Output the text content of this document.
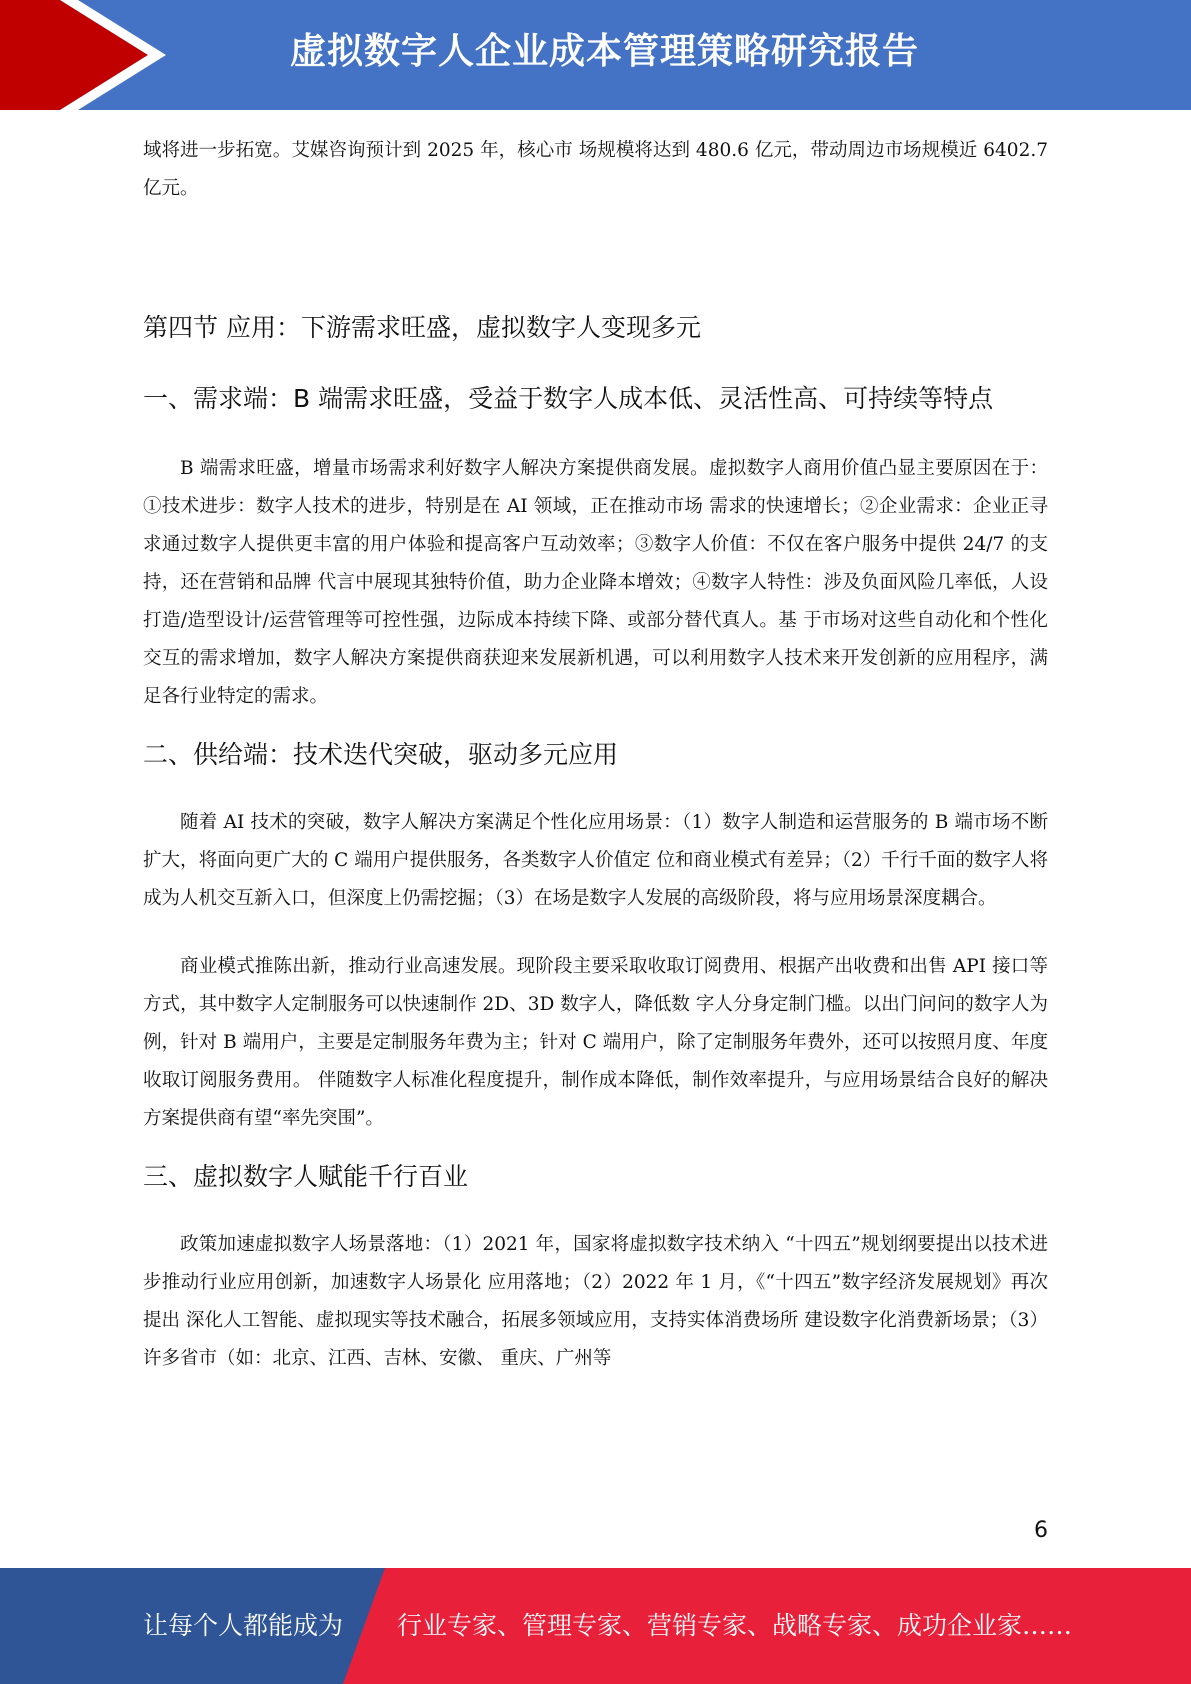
虚拟数字人企业成本管理策略研究报告

域将进一步拓宽。艾媒咨询预计到 2025 年，核心市 场规模将达到 480.6 亿元，带动周边市场规模近 6402.7 亿元。

第四节 应用：下游需求旺盛，虚拟数字人变现多元
一、需求端：B 端需求旺盛，受益于数字人成本低、灵活性高、可持续等特点

B 端需求旺盛，增量市场需求利好数字人解决方案提供商发展。虚拟数字人商用价值凸显主要原因在于：①技术进步：数字人技术的进步，特别是在 AI 领域，正在推动市场 需求的快速增长；②企业需求：企业正寻求通过数字人提供更丰富的用户体验和提高客户互动效率；③数字人价值：不仅在客户服务中提供 24/7 的支持，还在营销和品牌 代言中展现其独特价值，助力企业降本增效；④数字人特性：涉及负面风险几率低，人设打造/造型设计/运营管理等可控性强，边际成本持续下降、或部分替代真人。基 于市场对这些自动化和个性化交互的需求增加，数字人解决方案提供商获迎来发展新机遇，可以利用数字人技术来开发创新的应用程序，满足各行业特定的需求。

二、供给端：技术迭代突破，驱动多元应用

随着 AI 技术的突破，数字人解决方案满足个性化应用场景：（1）数字人制造和运营服务的 B 端市场不断扩大，将面向更广大的 C 端用户提供服务，各类数字人价值定 位和商业模式有差异；（2）千行千面的数字人将成为人机交互新入口，但深度上仍需挖掘；（3）在场是数字人发展的高级阶段，将与应用场景深度耦合。

商业模式推陈出新，推动行业高速发展。现阶段主要采取收取订阅费用、根据产出收费和出售 API 接口等方式，其中数字人定制服务可以快速制作 2D、3D 数字人，降低数 字人分身定制门槛。以出门问问的数字人为例，针对 B 端用户，主要是定制服务年费为主；针对 C 端用户，除了定制服务年费外，还可以按照月度、年度收取订阅服务费用。 伴随数字人标准化程度提升，制作成本降低，制作效率提升，与应用场景结合良好的解决方案提供商有望“率先突围”。

三、虚拟数字人赋能千行百业

政策加速虚拟数字人场景落地：（1）2021 年，国家将虚拟数字技术纳入 “十四五”规划纲要提出以技术进步推动行业应用创新，加速数字人场景化 应用落地；（2）2022 年 1 月，《“十四五”数字经济发展规划》再次提出 深化人工智能、虚拟现实等技术融合，拓展多领域应用，支持实体消费场所 建设数字化消费新场景；（3）许多省市（如：北京、江西、吉林、安徽、 重庆、广州等

6
让每个人都能成为 行业专家、管理专家、营销专家、战略专家、成功企业家……
